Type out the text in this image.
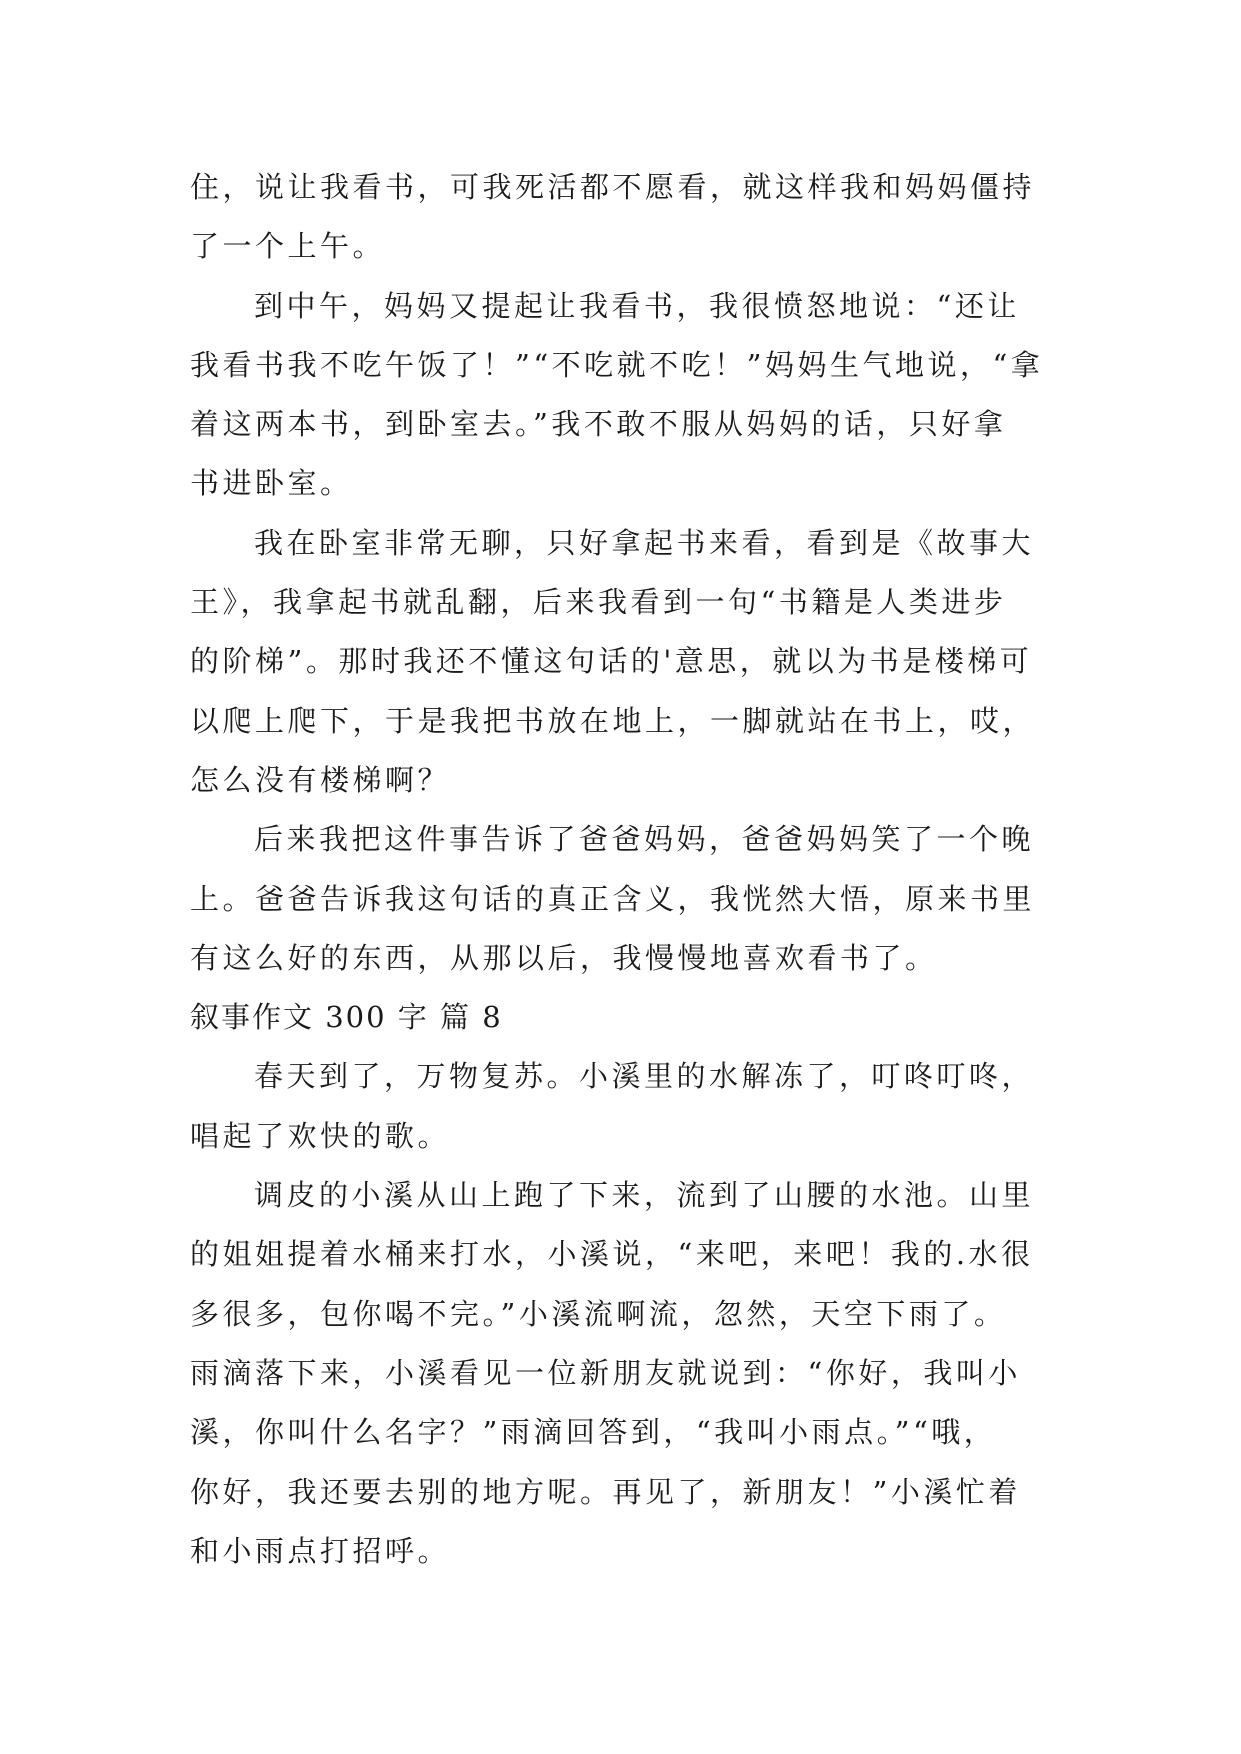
住，说让我看书，可我死活都不愿看，就这样我和妈妈僵持
了一个上午。
到中午，妈妈又提起让我看书，我很愤怒地说：“还让
我看书我不吃午饭了！”“不吃就不吃！”妈妈生气地说，“拿
着这两本书，到卧室去。”我不敢不服从妈妈的话，只好拿
书进卧室。
我在卧室非常无聊，只好拿起书来看，看到是《故事大
王》，我拿起书就乱翻，后来我看到一句“书籍是人类进步
的阶梯”。那时我还不懂这句话的'意思，就以为书是楼梯可
以爬上爬下，于是我把书放在地上，一脚就站在书上，哎，
怎么没有楼梯啊？
后来我把这件事告诉了爸爸妈妈，爸爸妈妈笑了一个晚
上。爸爸告诉我这句话的真正含义，我恍然大悟，原来书里
有这么好的东西，从那以后，我慢慢地喜欢看书了。
叙事作文 300 字 篇 8
春天到了，万物复苏。小溪里的水解冻了，叮咚叮咚，
唱起了欢快的歌。
调皮的小溪从山上跑了下来，流到了山腰的水池。山里
的姐姐提着水桶来打水，小溪说，“来吧，来吧！我的.水很
多很多，包你喝不完。”小溪流啊流，忽然，天空下雨了。
雨滴落下来，小溪看见一位新朋友就说到：“你好，我叫小
溪，你叫什么名字？”雨滴回答到，“我叫小雨点。”“哦，
你好，我还要去别的地方呢。再见了，新朋友！”小溪忙着
和小雨点打招呼。
